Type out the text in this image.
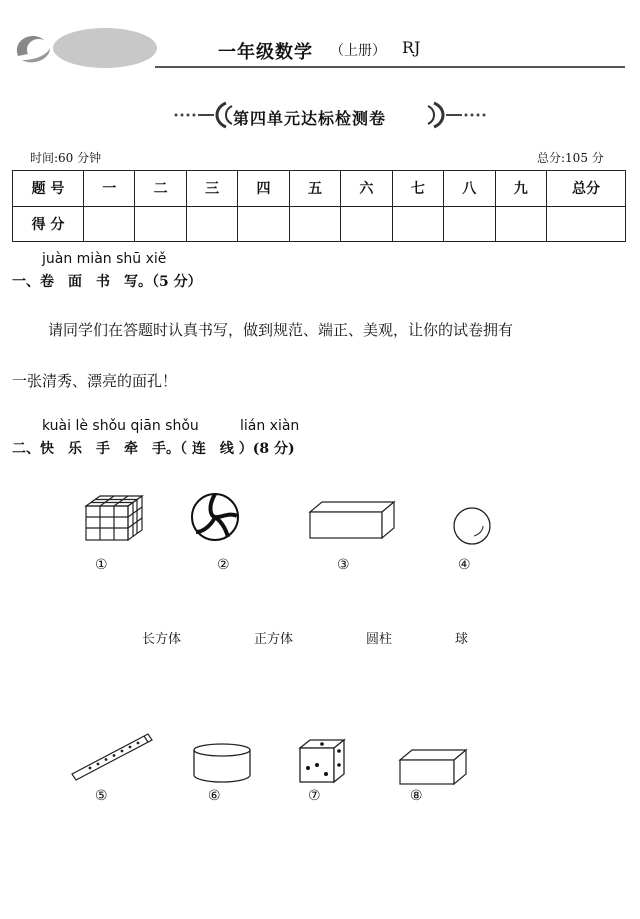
一年级数学 （上册） RJ
第四单元达标检测卷
时间:60 分钟	总分:105 分
题 号	一	二	三	四	五	六	七	八	九	总分
得 分										
juàn miàn shū xiě
一、卷　面　书　写。（5 分）
请同学们在答题时认真书写，做到规范、端正、美观，让你的试卷拥有
一张清秀、漂亮的面孔！
kuài lè shǒu qiān shǒu	lián xiàn
二、快　乐　手　牵　手。（ 连　线 ）(8 分)
①	②	③	④
长方体	正方体	圆柱	球
⑤	⑥	⑦	⑧
